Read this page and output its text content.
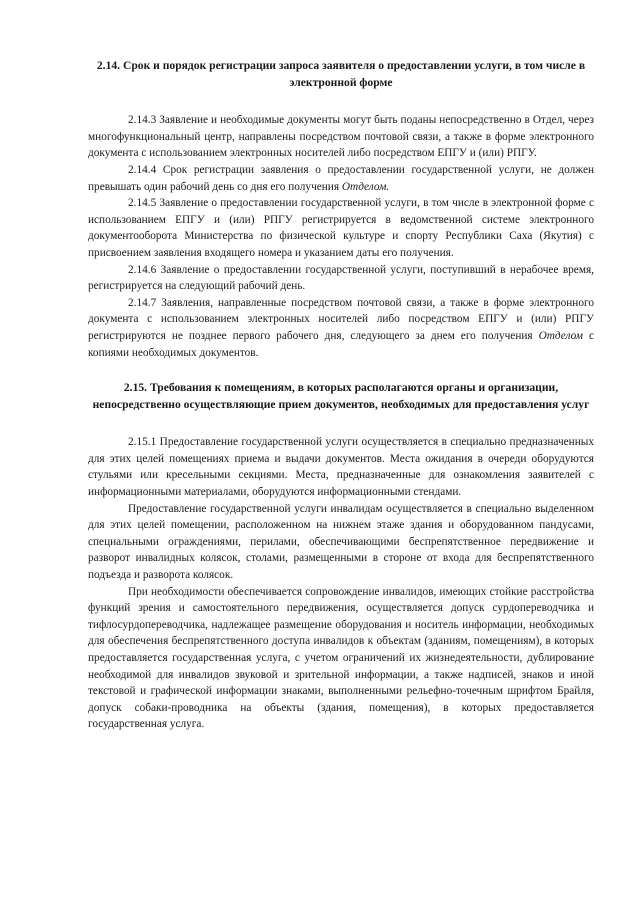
2.14. Срок и порядок регистрации запроса заявителя о предоставлении услуги, в том числе в электронной форме

2.14.3 Заявление и необходимые документы могут быть поданы непосредственно в Отдел, через многофункциональный центр, направлены посредством почтовой связи, а также в форме электронного документа с использованием электронных носителей либо посредством ЕПГУ и (или) РПГУ.

2.14.4 Срок регистрации заявления о предоставлении государственной услуги, не должен превышать один рабочий день со дня его получения Отделом.

2.14.5 Заявление о предоставлении государственной услуги, в том числе в электронной форме с использованием ЕПГУ и (или) РПГУ регистрируется в ведомственной системе электронного документооборота Министерства по физической культуре и спорту Республики Саха (Якутия) с присвоением заявления входящего номера и указанием даты его получения.

2.14.6 Заявление о предоставлении государственной услуги, поступивший в нерабочее время, регистрируется на следующий рабочий день.

2.14.7 Заявления, направленные посредством почтовой связи, а также в форме электронного документа с использованием электронных носителей либо посредством ЕПГУ и (или) РПГУ регистрируются не позднее первого рабочего дня, следующего за днем его получения Отделом с копиями необходимых документов.

2.15. Требования к помещениям, в которых располагаются органы и организации, непосредственно осуществляющие прием документов, необходимых для предоставления услуг

2.15.1 Предоставление государственной услуги осуществляется в специально предназначенных для этих целей помещениях приема и выдачи документов. Места ожидания в очереди оборудуются стульями или кресельными секциями. Места, предназначенные для ознакомления заявителей с информационными материалами, оборудуются информационными стендами.

Предоставление государственной услуги инвалидам осуществляется в специально выделенном для этих целей помещении, расположенном на нижнем этаже здания и оборудованном пандусами, специальными ограждениями, перилами, обеспечивающими беспрепятственное передвижение и разворот инвалидных колясок, столами, размещенными в стороне от входа для беспрепятственного подъезда и разворота колясок.

При необходимости обеспечивается сопровождение инвалидов, имеющих стойкие расстройства функций зрения и самостоятельного передвижения, осуществляется допуск сурдопереводчика и тифлосурдопереводчика, надлежащее размещение оборудования и носитель информации, необходимых для обеспечения беспрепятственного доступа инвалидов к объектам (зданиям, помещениям), в которых предоставляется государственная услуга, с учетом ограничений их жизнедеятельности, дублирование необходимой для инвалидов звуковой и зрительной информации, а также надписей, знаков и иной текстовой и графической информации знаками, выполненными рельефно-точечным шрифтом Брайля, допуск собаки-проводника на объекты (здания, помещения), в которых предоставляется государственная услуга.
